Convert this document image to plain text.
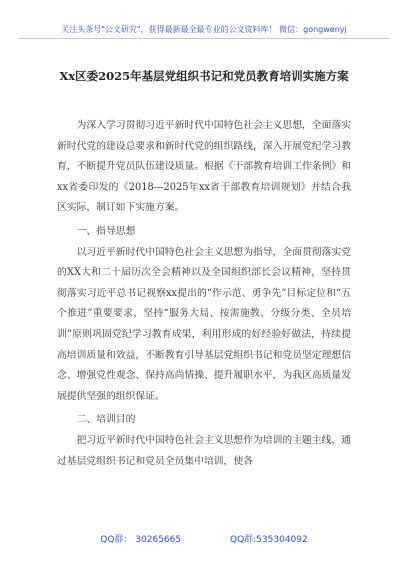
关注头条号"公文研究"，获得最新最全最专业的公文资料库！ 微信：gongwenyj
Xx区委2025年基层党组织书记和党员教育培训实施方案

为深入学习贯彻习近平新时代中国特色社会主义思想，全面落实新时代党的建设总要求和新时代党的组织路线，深入开展党纪学习教育，不断提升党员队伍建设质量。根据《干部教育培训工作条例》和xx省委印发的《2018—2025年xx省干部教育培训规划》并结合我区实际，制订如下实施方案。

一、指导思想

以习近平新时代中国特色社会主义思想为指导，全面贯彻落实党的XX大和二十届历次全会精神以及全国组织部长会议精神，坚持贯彻落实习近平总书记视察xx提出的“作示范、勇争先”目标定位和“五个推进”重要要求，坚持“服务大局、按需施教、分级分类、全员培训”原则巩固党纪学习教育成果，利用形成的好经验好做法，持续提高培训质量和效益，不断教育引导基层党组织书记和党员坚定理想信念、增强党性观念、保持高尚情操、提升履职水平，为我区高质量发展提供坚强的组织保证。

二、培训目的

把习近平新时代中国特色社会主义思想作为培训的主题主线，通过基层党组织书记和党员全员集中培训，使各

QQ群： 30265665	QQ群:535304092
